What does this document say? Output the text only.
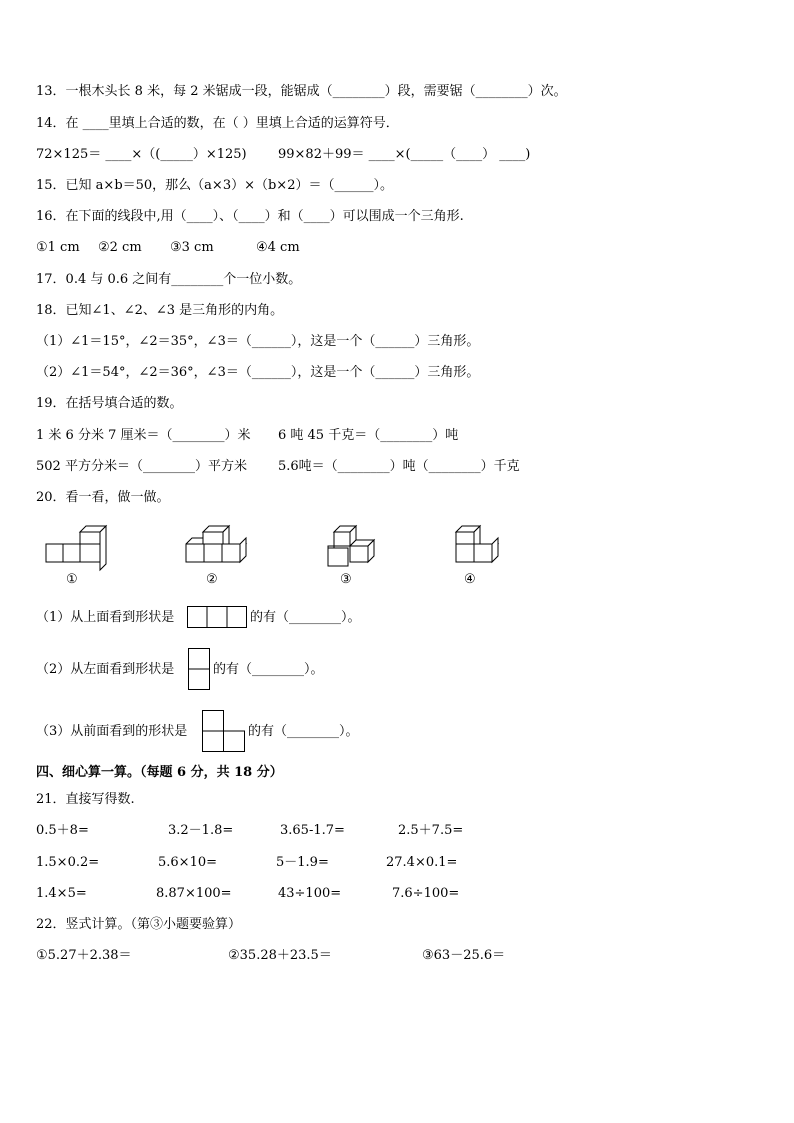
13．一根木头长 8 米，每 2 米锯成一段，能锯成（________）段，需要锯（________）次。
14．在 ____里填上合适的数，在（ ）里填上合适的运算符号．
72×125＝ ____×（(_____）×125) 99×82＋99＝ ____×(_____（____） ____)
15．已知 a×b＝50，那么（a×3）×（b×2）＝（______）。
16．在下面的线段中,用（____）、（____）和（____）可以围成一个三角形.
①1 cm ②2 cm ③3 cm	④4 cm
17．0.4 与 0.6 之间有________个一位小数。
18．已知∠1、∠2、∠3 是三角形的内角。
（1）∠1＝15°，∠2＝35°，∠3＝（______），这是一个（______）三角形。
（2）∠1＝54°，∠2＝36°，∠3＝（______），这是一个（______）三角形。
19．在括号填合适的数。
1 米 6 分米 7 厘米＝（________）米 6 吨 45 千克＝（________）吨
502 平方分米＝（________）平方米 5.6吨＝（________）吨（________）千克
20．看一看，做一做。
①	②	③	④
（1）从上面看到形状是	的有（________）。
（2）从左面看到形状是	的有（________）。
（3）从前面看到的形状是	的有（________）。
四、细心算一算。（每题 6 分，共 18 分）
21．直接写得数.
0.5＋8=	3.2－1.8=	3.65-1.7=	2.5＋7.5=
1.5×0.2=	5.6×10=	5－1.9=	27.4×0.1=
1.4×5=	8.87×100=	43÷100=	7.6÷100=
22．竖式计算。（第③小题要验算）
①5.27＋2.38＝	②35.28＋23.5＝	③63－25.6＝
